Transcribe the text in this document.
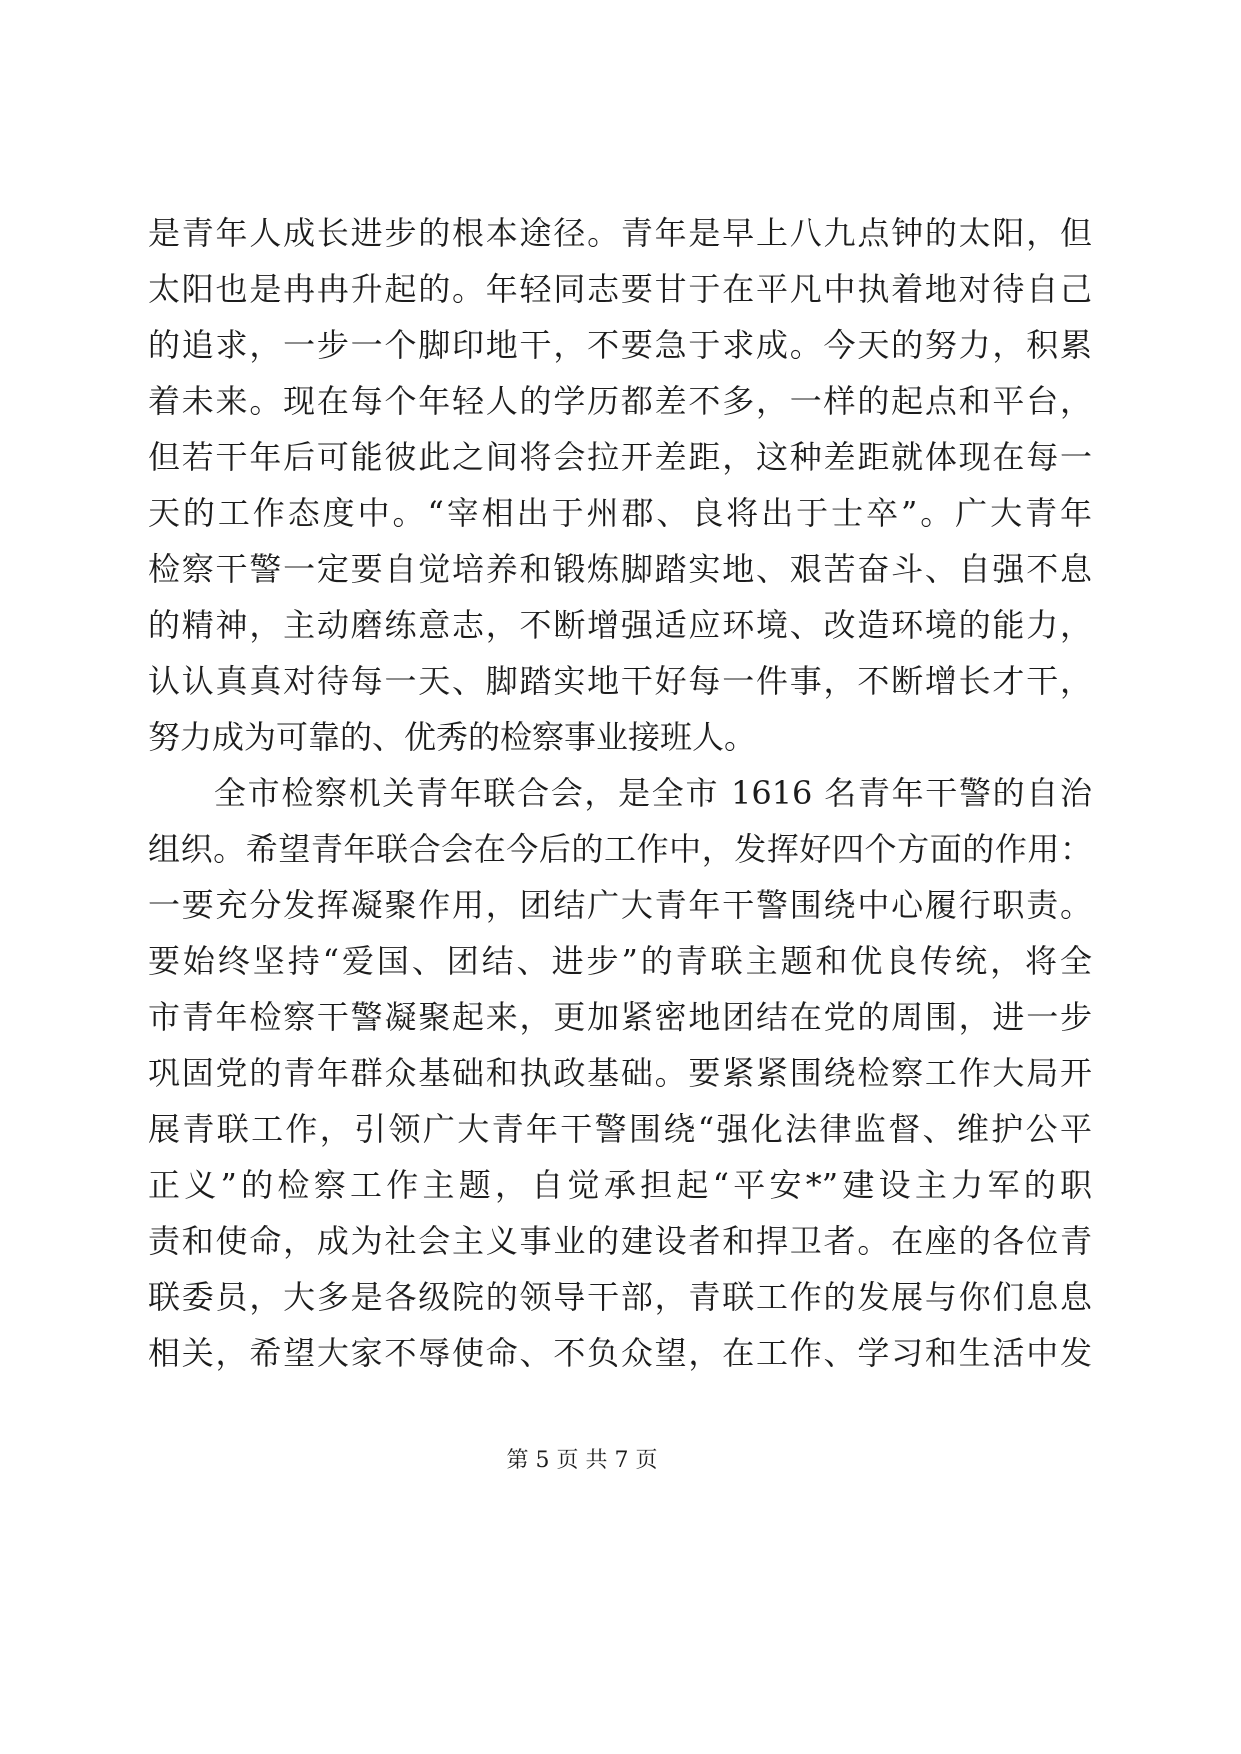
是青年人成长进步的根本途径。青年是早上八九点钟的太阳，但
太阳也是冉冉升起的。年轻同志要甘于在平凡中执着地对待自己
的追求，一步一个脚印地干，不要急于求成。今天的努力，积累
着未来。现在每个年轻人的学历都差不多，一样的起点和平台，
但若干年后可能彼此之间将会拉开差距，这种差距就体现在每一
天的工作态度中。“宰相出于州郡、良将出于士卒”。广大青年
检察干警一定要自觉培养和锻炼脚踏实地、艰苦奋斗、自强不息
的精神，主动磨练意志，不断增强适应环境、改造环境的能力，
认认真真对待每一天、脚踏实地干好每一件事，不断增长才干，
努力成为可靠的、优秀的检察事业接班人。
全市检察机关青年联合会，是全市 1616 名青年干警的自治
组织。希望青年联合会在今后的工作中，发挥好四个方面的作用：
一要充分发挥凝聚作用，团结广大青年干警围绕中心履行职责。
要始终坚持“爱国、团结、进步”的青联主题和优良传统，将全
市青年检察干警凝聚起来，更加紧密地团结在党的周围，进一步
巩固党的青年群众基础和执政基础。要紧紧围绕检察工作大局开
展青联工作，引领广大青年干警围绕“强化法律监督、维护公平
正义”的检察工作主题，自觉承担起“平安*”建设主力军的职
责和使命，成为社会主义事业的建设者和捍卫者。在座的各位青
联委员，大多是各级院的领导干部，青联工作的发展与你们息息
相关，希望大家不辱使命、不负众望，在工作、学习和生活中发
第 5 页 共 7 页
